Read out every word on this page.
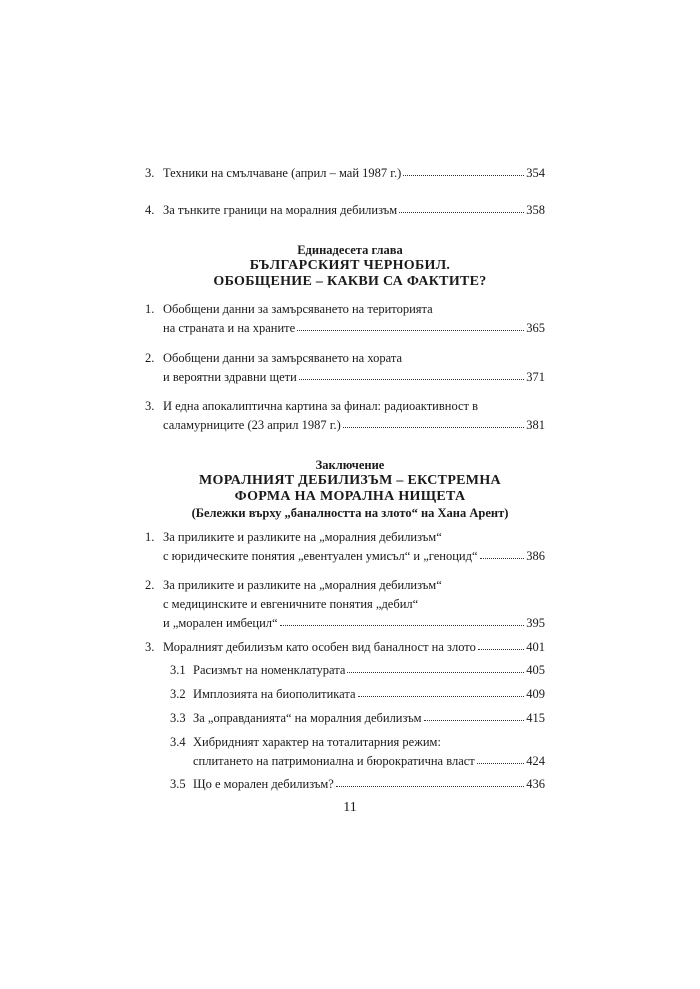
3. Техники на смълчаване (април – май 1987 г.)	354
4. За тънките граници на моралния дебилизъм	358
Единадесета глава
БЪЛГАРСКИЯТ ЧЕРНОБИЛ.
ОБОБЩЕНИЕ – КАКВИ СА ФАКТИТЕ?
1. Обобщени данни за замърсяването на територията
на страната и на храните	365
2. Обобщени данни за замърсяването на хората
и вероятни здравни щети	371
3. И една апокалиптична картина за финал: радиоактивност в
саламурниците (23 април 1987 г.)	381
Заключение
МОРАЛНИЯТ ДЕБИЛИЗЪМ – ЕКСТРЕМНА
ФОРМА НА МОРАЛНА НИЩЕТА
(Бележки върху „баналността на злото“ на Хана Арент)
1. За приликите и разликите на „моралния дебилизъм“
с юридическите понятия „евентуален умисъл“ и „геноцид“	386
2. За приликите и разликите на „моралния дебилизъм“
с медицинските и евгеничните понятия „дебил“
и „морален имбецил“	395
3. Моралният дебилизъм като особен вид баналност на злото	401
3.1 Расизмът на номенклатурата	405
3.2 Имплозията на биополитиката	409
3.3 За „оправданията“ на моралния дебилизъм	415
3.4 Хибридният характер на тоталитарния режим:
сплитането на патримониална и бюрократична власт	424
3.5 Що е морален дебилизъм?	436
11
